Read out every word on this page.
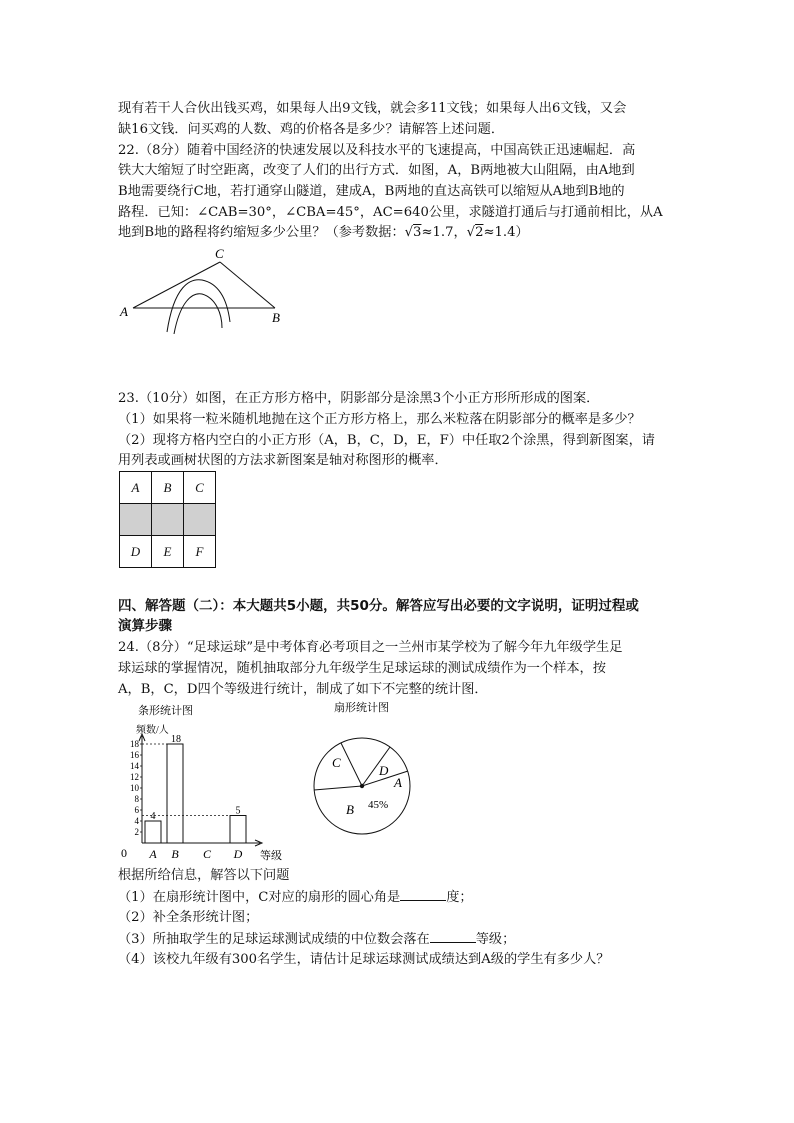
现有若干人合伙出钱买鸡，如果每人出9文钱，就会多11文钱；如果每人出6文钱，又会
缺16文钱．问买鸡的人数、鸡的价格各是多少？请解答上述问题．
22.（8分）随着中国经济的快速发展以及科技水平的飞速提高，中国高铁正迅速崛起．高
铁大大缩短了时空距离，改变了人们的出行方式．如图，A，B两地被大山阻隔，由A地到
B地需要绕行C地，若打通穿山隧道，建成A，B两地的直达高铁可以缩短从A地到B地的
路程．已知：∠CAB=30°，∠CBA=45°，AC=640公里，求隧道打通后与打通前相比，从A
地到B地的路程将约缩短多少公里？（参考数据：√3≈1.7，√2≈1.4）
A	B
C
23.（10分）如图，在正方形方格中，阴影部分是涂黑3个小正方形所形成的图案．
（1）如果将一粒米随机地抛在这个正方形方格上，那么米粒落在阴影部分的概率是多少？
（2）现将方格内空白的小正方形（A，B，C，D，E，F）中任取2个涂黑，得到新图案，请
用列表或画树状图的方法求新图案是轴对称图形的概率．
A	B	C

D	E	F
四、解答题（二）：本大题共5小题，共50分。解答应写出必要的文字说明，证明过程或
演算步骤
24.（8分）“足球运球”是中考体育必考项目之一兰州市某学校为了解今年九年级学生足
球运球的掌握情况，随机抽取部分九年级学生足球运球的测试成绩作为一个样本，按
A，B，C，D四个等级进行统计，制成了如下不完整的统计图．
条形统计图
频数/人
等级
0
2
4
6
8
10
12
14
16
18
A
4
B
18
C D
5
扇形统计图
C
D
A
B 45%
根据所给信息，解答以下问题
（1）在扇形统计图中，C对应的扇形的圆心角是	度；
（2）补全条形统计图；
（3）所抽取学生的足球运球测试成绩的中位数会落在	等级；
（4）该校九年级有300名学生，请估计足球运球测试成绩达到A级的学生有多少人？
